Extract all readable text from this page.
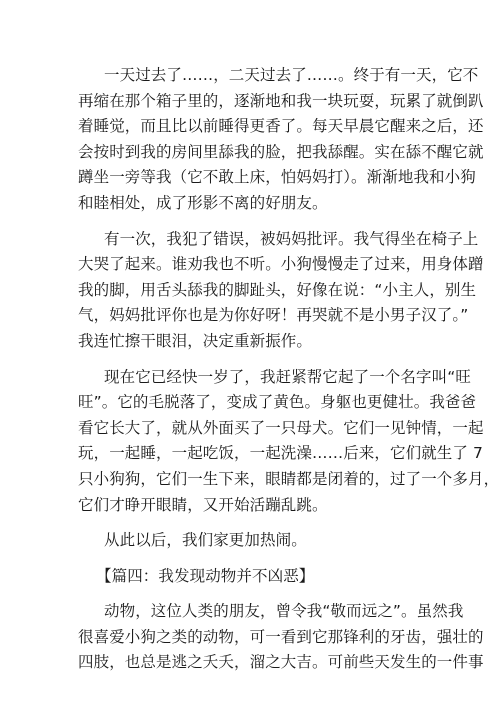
一天过去了……，二天过去了……。终于有一天，它不
再缩在那个箱子里的，逐渐地和我一块玩耍，玩累了就倒趴
着睡觉，而且比以前睡得更香了。每天早晨它醒来之后，还
会按时到我的房间里舔我的脸，把我舔醒。实在舔不醒它就
蹲坐一旁等我（它不敢上床，怕妈妈打）。渐渐地我和小狗
和睦相处，成了形影不离的好朋友。
有一次，我犯了错误，被妈妈批评。我气得坐在椅子上
大哭了起来。谁劝我也不听。小狗慢慢走了过来，用身体蹭
我的脚，用舌头舔我的脚趾头，好像在说：“小主人，别生
气，妈妈批评你也是为你好呀！再哭就不是小男子汉了。”
我连忙擦干眼泪，决定重新振作。
现在它已经快一岁了，我赶紧帮它起了一个名字叫“旺
旺”。它的毛脱落了，变成了黄色。身躯也更健壮。我爸爸
看它长大了，就从外面买了一只母犬。它们一见钟情，一起
玩，一起睡，一起吃饭，一起洗澡……后来，它们就生了 7
只小狗狗，它们一生下来，眼睛都是闭着的，过了一个多月，
它们才睁开眼睛，又开始活蹦乱跳。
从此以后，我们家更加热闹。
【篇四：我发现动物并不凶恶】
动物，这位人类的朋友，曾令我“敬而远之”。虽然我
很喜爱小狗之类的动物，可一看到它那锋利的牙齿，强壮的
四肢，也总是逃之夭夭，溜之大吉。可前些天发生的一件事
